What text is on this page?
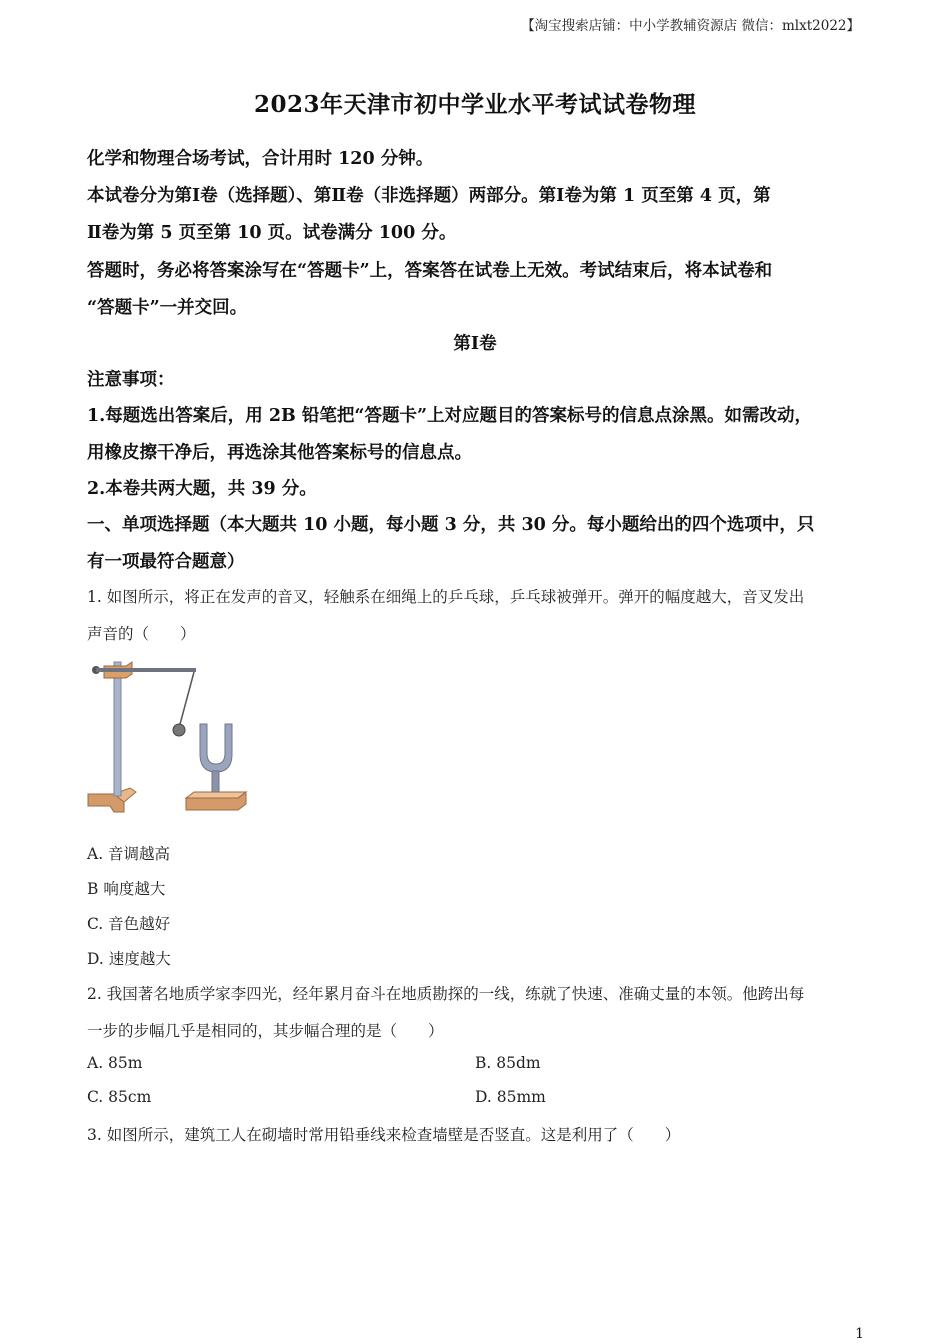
【淘宝搜索店铺：中小学教辅资源店 微信：mlxt2022】
2023年天津市初中学业水平考试试卷物理
化学和物理合场考试，合计用时 120 分钟。
本试卷分为第Ⅰ卷（选择题）、第Ⅱ卷（非选择题）两部分。第Ⅰ卷为第 1 页至第 4 页，第
Ⅱ卷为第 5 页至第 10 页。试卷满分 100 分。
答题时，务必将答案涂写在“答题卡”上，答案答在试卷上无效。考试结束后，将本试卷和
“答题卡”一并交回。
第Ⅰ卷
注意事项：
1.每题选出答案后，用 2B 铅笔把“答题卡”上对应题目的答案标号的信息点涂黑。如需改动，
用橡皮擦干净后，再选涂其他答案标号的信息点。
2.本卷共两大题，共 39 分。
一、单项选择题（本大题共 10 小题，每小题 3 分，共 30 分。每小题给出的四个选项中，只
有一项最符合题意）
1. 如图所示，将正在发声的音叉，轻触系在细绳上的乒乓球，乒乓球被弹开。弹开的幅度越大，音叉发出
声音的（　　）
A. 音调越高
B 响度越大
C. 音色越好
D. 速度越大
2. 我国著名地质学家李四光，经年累月奋斗在地质勘探的一线，练就了快速、准确丈量的本领。他跨出每
一步的步幅几乎是相同的，其步幅合理的是（　　）
A. 85m	B. 85dm
C. 85cm	D. 85mm
3. 如图所示，建筑工人在砌墙时常用铅垂线来检查墙壁是否竖直。这是利用了（　　）
1
